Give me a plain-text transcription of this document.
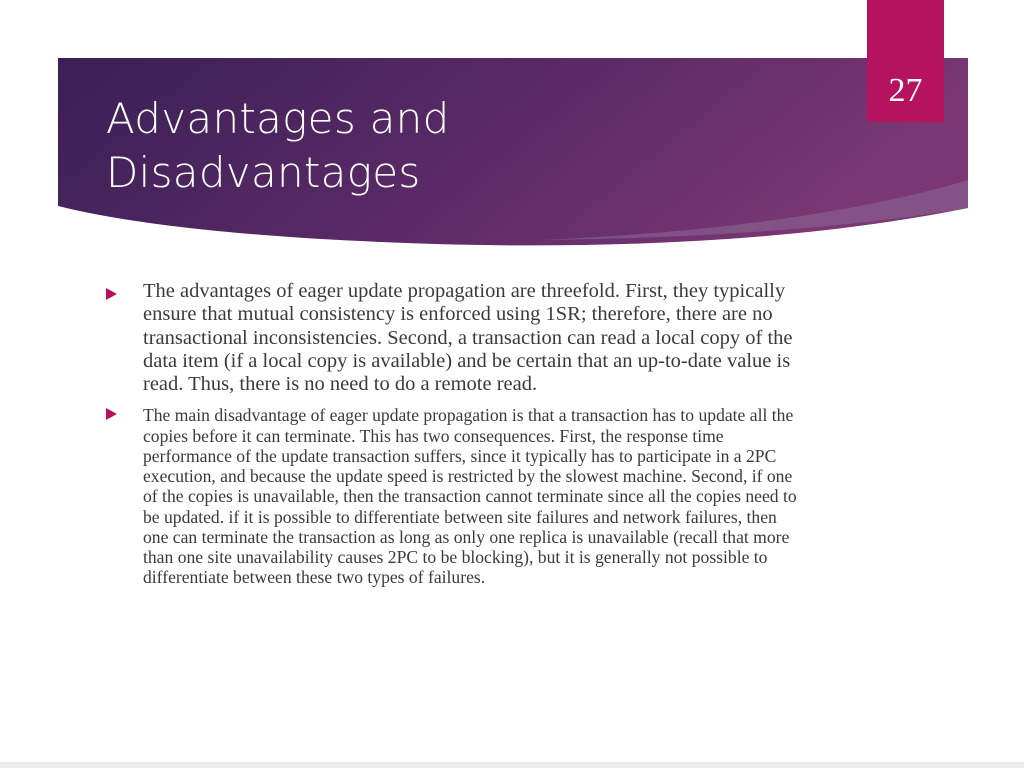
Advantages and
Disadvantages
27
The advantages of eager update propagation are threefold. First, they typically ensure that mutual consistency is enforced using 1SR; therefore, there are no transactional inconsistencies. Second, a transaction can read a local copy of the data item (if a local copy is available) and be certain that an up-to-date value is read. Thus, there is no need to do a remote read.
The main disadvantage of eager update propagation is that a transaction has to update all the copies before it can terminate. This has two consequences. First, the response time performance of the update transaction suffers, since it typically has to participate in a 2PC execution, and because the update speed is restricted by the slowest machine. Second, if one of the copies is unavailable, then the transaction cannot terminate since all the copies need to be updated. if it is possible to differentiate between site failures and network failures, then one can terminate the transaction as long as only one replica is unavailable (recall that more than one site unavailability causes 2PC to be blocking), but it is generally not possible to differentiate between these two types of failures.
